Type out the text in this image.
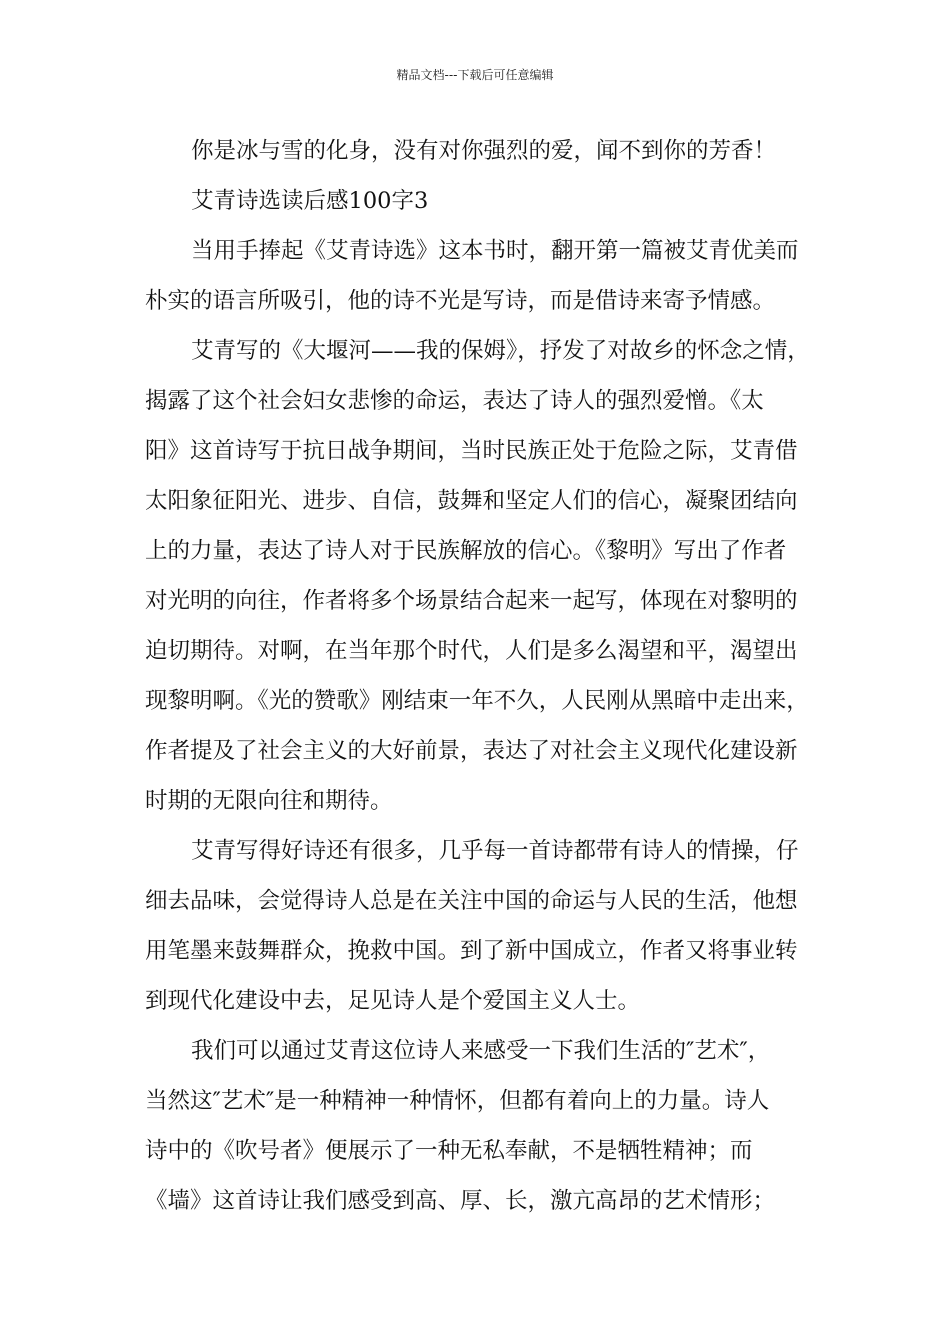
精品文档---下载后可任意编辑
你是冰与雪的化身，没有对你强烈的爱，闻不到你的芳香！
艾青诗选读后感100字3
当用手捧起《艾青诗选》这本书时，翻开第一篇被艾青优美而
朴实的语言所吸引，他的诗不光是写诗，而是借诗来寄予情感。
艾青写的《大堰河——我的保姆》，抒发了对故乡的怀念之情，
揭露了这个社会妇女悲惨的命运，表达了诗人的强烈爱憎。《太
阳》这首诗写于抗日战争期间，当时民族正处于危险之际，艾青借
太阳象征阳光、进步、自信，鼓舞和坚定人们的信心，凝聚团结向
上的力量，表达了诗人对于民族解放的信心。《黎明》写出了作者
对光明的向往，作者将多个场景结合起来一起写，体现在对黎明的
迫切期待。对啊，在当年那个时代，人们是多么渴望和平，渴望出
现黎明啊。《光的赞歌》刚结束一年不久，人民刚从黑暗中走出来，
作者提及了社会主义的大好前景，表达了对社会主义现代化建设新
时期的无限向往和期待。
艾青写得好诗还有很多，几乎每一首诗都带有诗人的情操，仔
细去品味，会觉得诗人总是在关注中国的命运与人民的生活，他想
用笔墨来鼓舞群众，挽救中国。到了新中国成立，作者又将事业转
到现代化建设中去，足见诗人是个爱国主义人士。
我们可以通过艾青这位诗人来感受一下我们生活的″艺术″，
当然这″艺术″是一种精神一种情怀，但都有着向上的力量。诗人
诗中的《吹号者》便展示了一种无私奉献，不是牺牲精神；而
《墙》这首诗让我们感受到高、厚、长，激亢高昂的艺术情形；
